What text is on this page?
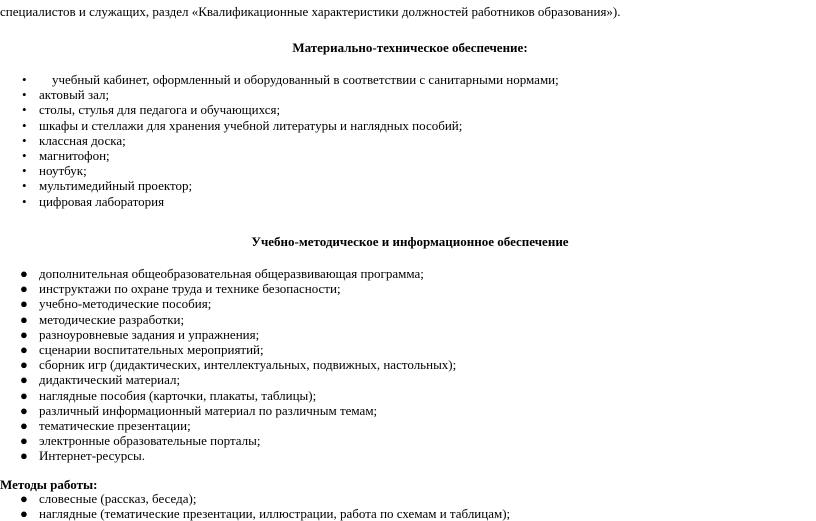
специалистов и служащих, раздел «Квалификационные характеристики должностей работников образования»).
Материально-техническое обеспечение:
• учебный кабинет, оформленный и оборудованный в соответствии с санитарными нормами;
• актовый зал;
• столы, стулья для педагога и обучающихся;
• шкафы и стеллажи для хранения учебной литературы и наглядных пособий;
• классная доска;
• магнитофон;
• ноутбук;
• мультимедийный проектор;
• цифровая лаборатория
Учебно-методическое и информационное обеспечение
● дополнительная общеобразовательная общеразвивающая программа;
● инструктажи по охране труда и технике безопасности;
● учебно-методические пособия;
● методические разработки;
● разноуровневые задания и упражнения;
● сценарии воспитательных мероприятий;
● сборник игр (дидактических, интеллектуальных, подвижных, настольных);
● дидактический материал;
● наглядные пособия (карточки, плакаты, таблицы);
● различный информационный материал по различным темам;
● тематические презентации;
● электронные образовательные порталы;
● Интернет-ресурсы.
Методы работы:
● словесные (рассказ, беседа);
● наглядные (тематические презентации, иллюстрации, работа по схемам и таблицам);
